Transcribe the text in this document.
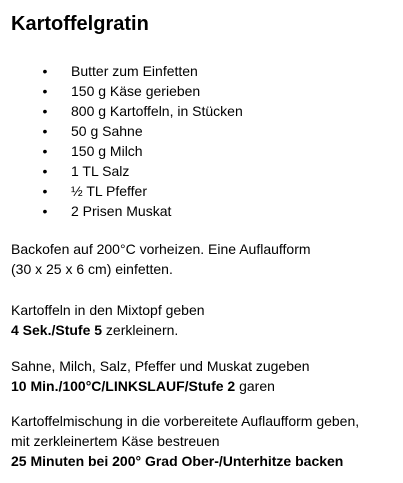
Kartoffelgratin
•	Butter zum Einfetten
•	150 g Käse gerieben
•	800 g Kartoffeln, in Stücken
•	50 g Sahne
•	150 g Milch
•	1 TL Salz
•	½ TL Pfeffer
•	2 Prisen Muskat

Backofen auf 200°C vorheizen. Eine Auflaufform
(30 x 25 x 6 cm) einfetten.

Kartoffeln in den Mixtopf geben
4 Sek./Stufe 5 zerkleinern.

Sahne, Milch, Salz, Pfeffer und Muskat zugeben
10 Min./100°C/LINKSLAUF/Stufe 2 garen

Kartoffelmischung in die vorbereitete Auflaufform geben,
mit zerkleinertem Käse bestreuen
25 Minuten bei 200° Grad Ober-/Unterhitze backen
